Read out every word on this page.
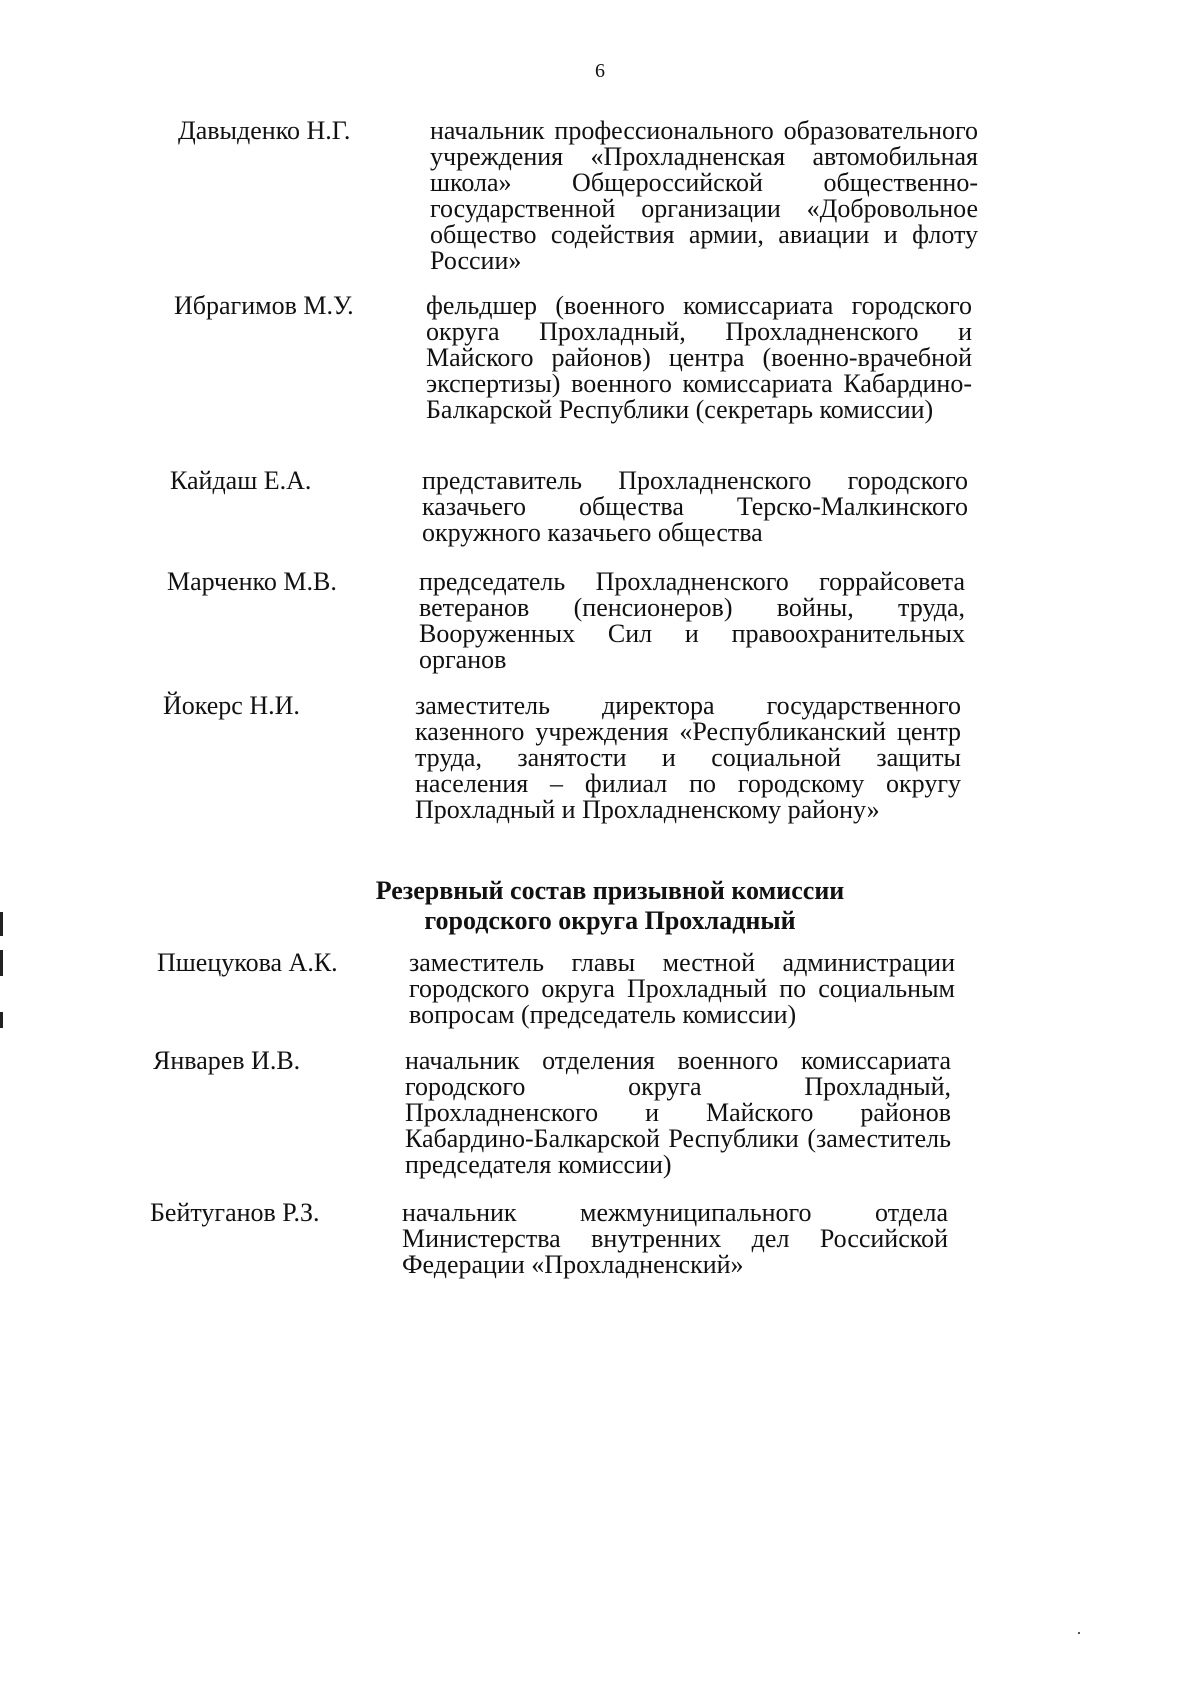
6
Давыденко Н.Г.	начальник профессионального образовательного учреждения «Прохладненская автомобильная школа» Общероссийской общественно-государственной организации «Добровольное общество содействия армии, авиации и флоту России»
Ибрагимов М.У.	фельдшер (военного комиссариата городского округа Прохладный, Прохладненского и Майского районов) центра (военно-врачебной экспертизы) военного комиссариата Кабардино-Балкарской Республики (секретарь комиссии)
Кайдаш Е.А.	представитель Прохладненского городского казачьего общества Терско-Малкинского окружного казачьего общества
Марченко М.В.	председатель Прохладненского горрайсовета ветеранов (пенсионеров) войны, труда, Вооруженных Сил и правоохранительных органов
Йокерс Н.И.	заместитель директора государственного казенного учреждения «Республиканский центр труда, занятости и социальной защиты населения – филиал по городскому округу Прохладный и Прохладненскому району»
Резервный состав призывной комиссии
городского округа Прохладный
Пшецукова А.К.	заместитель главы местной администрации городского округа Прохладный по социальным вопросам (председатель комиссии)
Январев И.В.	начальник отделения военного комиссариата городского округа Прохладный, Прохладненского и Майского районов Кабардино-Балкарской Республики (заместитель председателя комиссии)
Бейтуганов Р.З.	начальник межмуниципального отдела Министерства внутренних дел Российской Федерации «Прохладненский»
